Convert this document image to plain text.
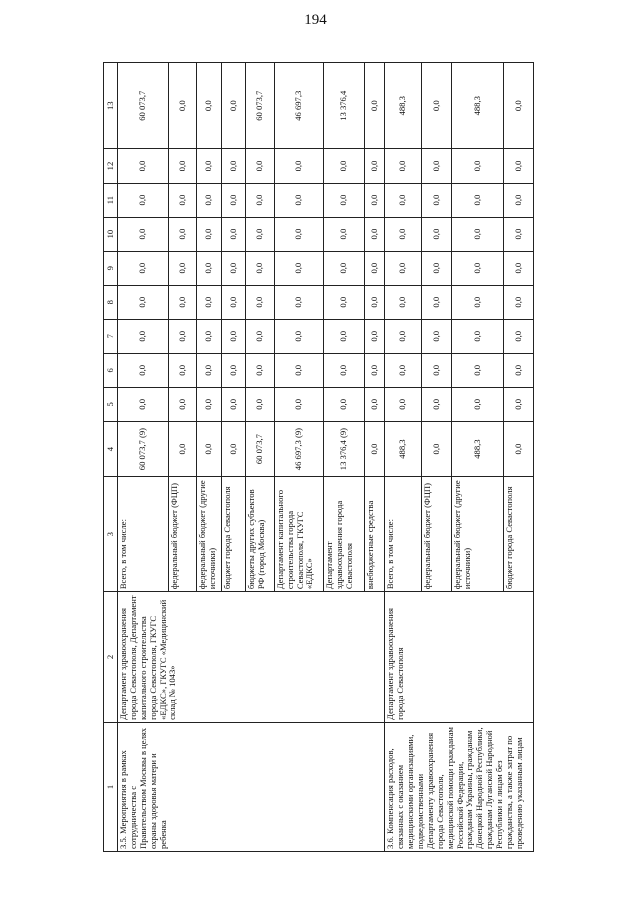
194
1	2	3	4	5	6	7	8	9	10	11	12	13
3.5. Мероприятия в рамках сотрудничества с Правительством Москвы в целях охраны здоровья матери и ребенка	Департамент здравоохранения города Севастополя, Департамент капитального строительства города Севастополя, ГКУГС «ЕДКС», ГКУГС «Медицинский склад № 1043»	Всего, в том числе:	60 073,7 (9)	0,0	0,0	0,0	0,0	0,0	0,0	0,0	0,0	60 073,7
		федеральный бюджет (ФЦП)	0,0	0,0	0,0	0,0	0,0	0,0	0,0	0,0	0,0	0,0
		федеральный бюджет (другие источники)	0,0	0,0	0,0	0,0	0,0	0,0	0,0	0,0	0,0	0,0
		бюджет города Севастополя	0,0	0,0	0,0	0,0	0,0	0,0	0,0	0,0	0,0	0,0
		бюджеты других субъектов РФ (город Москва)	60 073,7	0,0	0,0	0,0	0,0	0,0	0,0	0,0	0,0	60 073,7
		Департамент капитального строительства города Севастополя, ГКУГС «ЕДКС»	46 697,3 (9)	0,0	0,0	0,0	0,0	0,0	0,0	0,0	0,0	46 697,3
		Департамент здравоохранения города Севастополя	13 376,4 (9)	0,0	0,0	0,0	0,0	0,0	0,0	0,0	0,0	13 376,4
		внебюджетные средства	0,0	0,0	0,0	0,0	0,0	0,0	0,0	0,0	0,0	0,0
3.6. Компенсация расходов, связанных с оказанием медицинскими организациями, подведомственными Департаменту здравоохранения города Севастополя, медицинской помощи гражданам Российской Федерации, гражданам Украины, гражданам Донецкой Народной Республики, гражданам Луганской Народной Республики и лицам без гражданства, а также затрат по проведению указанным лицам	Департамент здравоохранения города Севастополя	Всего, в том числе:	488,3	0,0	0,0	0,0	0,0	0,0	0,0	0,0	0,0	488,3
		федеральный бюджет (ФЦП)	0,0	0,0	0,0	0,0	0,0	0,0	0,0	0,0	0,0	0,0
		федеральный бюджет (другие источники)	488,3	0,0	0,0	0,0	0,0	0,0	0,0	0,0	0,0	488,3
		бюджет города Севастополя	0,0	0,0	0,0	0,0	0,0	0,0	0,0	0,0	0,0	0,0
